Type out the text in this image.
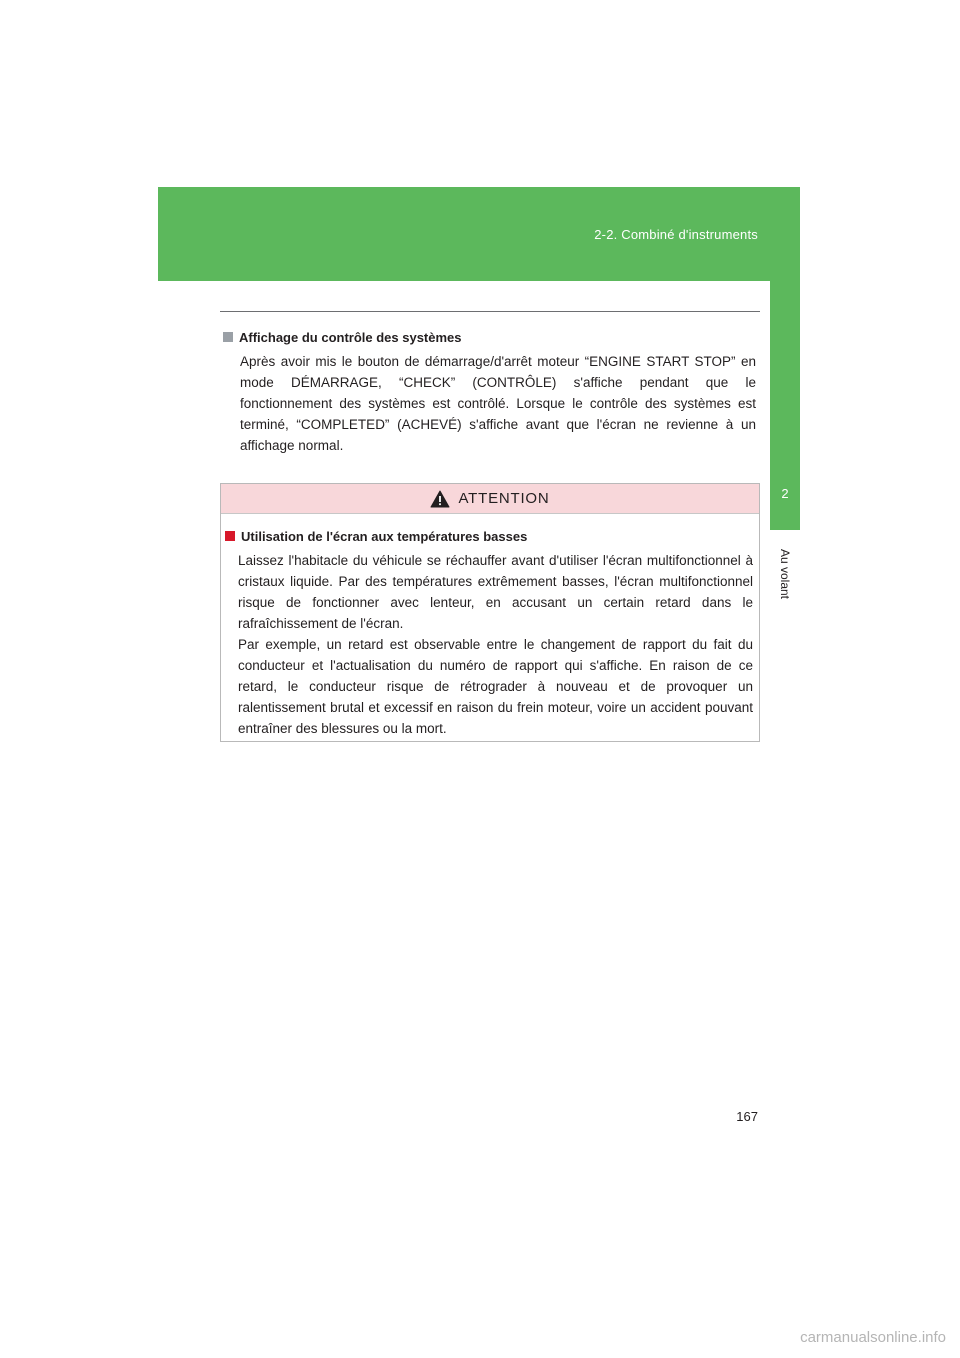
2-2. Combiné d'instruments
2
Au volant
Affichage du contrôle des systèmes
Après avoir mis le bouton de démarrage/d'arrêt moteur “ENGINE START STOP” en mode DÉMARRAGE, “CHECK” (CONTRÔLE) s'affiche pendant que le fonctionnement des systèmes est contrôlé. Lorsque le contrôle des systèmes est terminé, “COMPLETED” (ACHEVÉ) s'affiche avant que l'écran ne revienne à un affichage normal.
ATTENTION
Utilisation de l'écran aux températures basses

Laissez l'habitacle du véhicule se réchauffer avant d'utiliser l'écran multifonctionnel à cristaux liquide. Par des températures extrêmement basses, l'écran multifonctionnel risque de fonctionner avec lenteur, en accusant un certain retard dans le rafraîchissement de l'écran.

Par exemple, un retard est observable entre le changement de rapport du fait du conducteur et l'actualisation du numéro de rapport qui s'affiche. En raison de ce retard, le conducteur risque de rétrograder à nouveau et de provoquer un ralentissement brutal et excessif en raison du frein moteur, voire un accident pouvant entraîner des blessures ou la mort.

167
carmanualsonline.info
